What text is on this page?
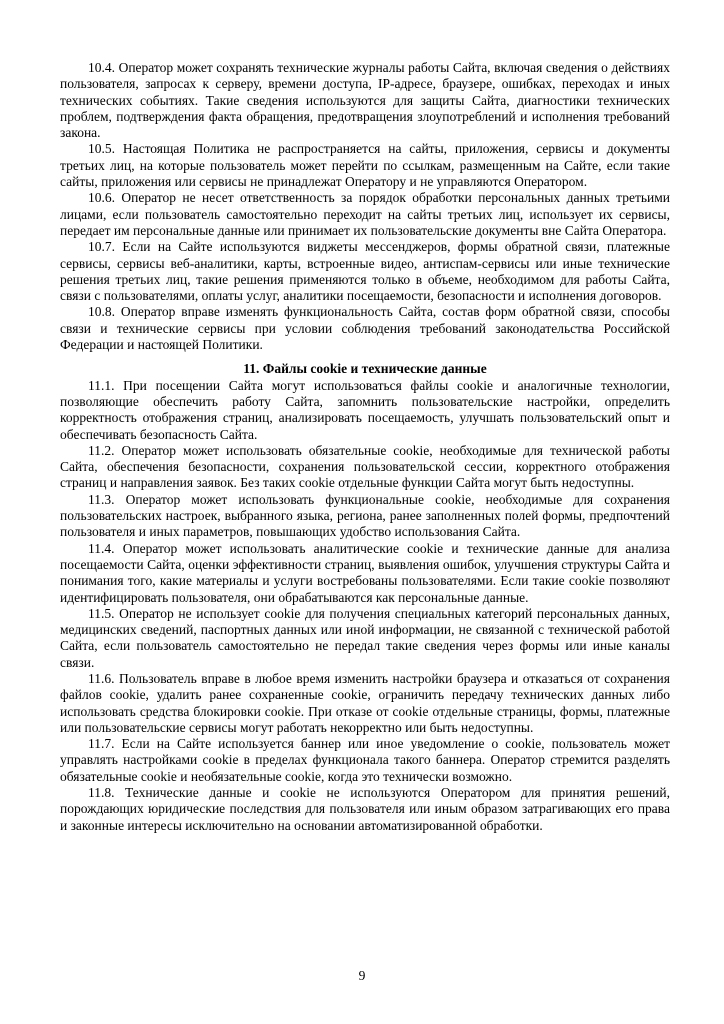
10.4. Оператор может сохранять технические журналы работы Сайта, включая сведения о действиях пользователя, запросах к серверу, времени доступа, IP-адресе, браузере, ошибках, переходах и иных технических событиях. Такие сведения используются для защиты Сайта, диагностики технических проблем, подтверждения факта обращения, предотвращения злоупотреблений и исполнения требований закона.

10.5. Настоящая Политика не распространяется на сайты, приложения, сервисы и документы третьих лиц, на которые пользователь может перейти по ссылкам, размещенным на Сайте, если такие сайты, приложения или сервисы не принадлежат Оператору и не управляются Оператором.

10.6. Оператор не несет ответственность за порядок обработки персональных данных третьими лицами, если пользователь самостоятельно переходит на сайты третьих лиц, использует их сервисы, передает им персональные данные или принимает их пользовательские документы вне Сайта Оператора.

10.7. Если на Сайте используются виджеты мессенджеров, формы обратной связи, платежные сервисы, сервисы веб-аналитики, карты, встроенные видео, антиспам-сервисы или иные технические решения третьих лиц, такие решения применяются только в объеме, необходимом для работы Сайта, связи с пользователями, оплаты услуг, аналитики посещаемости, безопасности и исполнения договоров.

10.8. Оператор вправе изменять функциональность Сайта, состав форм обратной связи, способы связи и технические сервисы при условии соблюдения требований законодательства Российской Федерации и настоящей Политики.

11. Файлы cookie и технические данные

11.1. При посещении Сайта могут использоваться файлы cookie и аналогичные технологии, позволяющие обеспечить работу Сайта, запомнить пользовательские настройки, определить корректность отображения страниц, анализировать посещаемость, улучшать пользовательский опыт и обеспечивать безопасность Сайта.

11.2. Оператор может использовать обязательные cookie, необходимые для технической работы Сайта, обеспечения безопасности, сохранения пользовательской сессии, корректного отображения страниц и направления заявок. Без таких cookie отдельные функции Сайта могут быть недоступны.

11.3. Оператор может использовать функциональные cookie, необходимые для сохранения пользовательских настроек, выбранного языка, региона, ранее заполненных полей формы, предпочтений пользователя и иных параметров, повышающих удобство использования Сайта.

11.4. Оператор может использовать аналитические cookie и технические данные для анализа посещаемости Сайта, оценки эффективности страниц, выявления ошибок, улучшения структуры Сайта и понимания того, какие материалы и услуги востребованы пользователями. Если такие cookie позволяют идентифицировать пользователя, они обрабатываются как персональные данные.

11.5. Оператор не использует cookie для получения специальных категорий персональных данных, медицинских сведений, паспортных данных или иной информации, не связанной с технической работой Сайта, если пользователь самостоятельно не передал такие сведения через формы или иные каналы связи.

11.6. Пользователь вправе в любое время изменить настройки браузера и отказаться от сохранения файлов cookie, удалить ранее сохраненные cookie, ограничить передачу технических данных либо использовать средства блокировки cookie. При отказе от cookie отдельные страницы, формы, платежные или пользовательские сервисы могут работать некорректно или быть недоступны.

11.7. Если на Сайте используется баннер или иное уведомление о cookie, пользователь может управлять настройками cookie в пределах функционала такого баннера. Оператор стремится разделять обязательные cookie и необязательные cookie, когда это технически возможно.

11.8. Технические данные и cookie не используются Оператором для принятия решений, порождающих юридические последствия для пользователя или иным образом затрагивающих его права и законные интересы исключительно на основании автоматизированной обработки.

9
